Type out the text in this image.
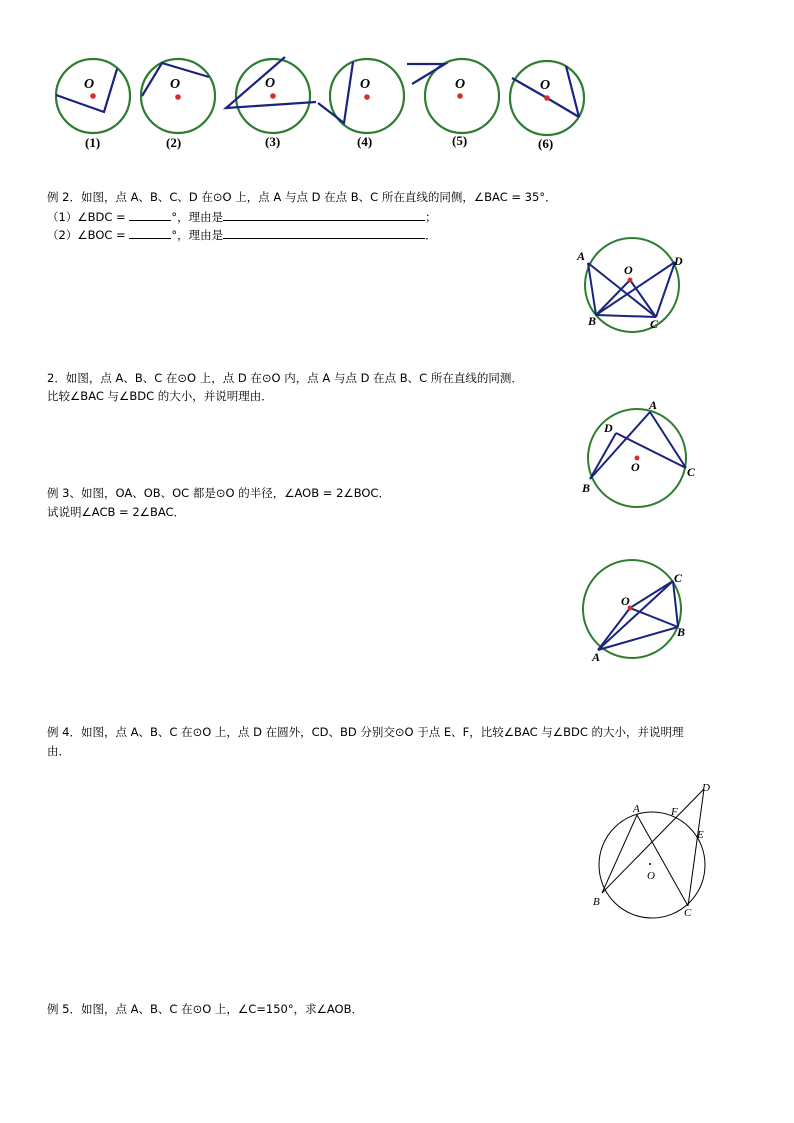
O	O	O	O	O	O
(1)	(2)	(3)	(4)	(5)	(6)
例 2．如图，点 A、B、C、D 在⊙O 上，点 A 与点 D 在点 B、C 所在直线的同侧，∠BAC = 35°．
（1）∠BDC =	°，理由是	；
（2）∠BOC =	°，理由是	．
A
O
D
B	C
2．如图，点 A、B、C 在⊙O 上，点 D 在⊙O 内，点 A 与点 D 在点 B、C 所在直线的同测．
比较∠BAC 与∠BDC 的大小，并说明理由．
A
D
O	C
B
例 3、如图，OA、OB、OC 都是⊙O 的半径，∠AOB = 2∠BOC．
试说明∠ACB = 2∠BAC．
C
O
B
A
例 4．如图，点 A、B、C 在⊙O 上，点 D 在圆外，CD、BD 分别交⊙O 于点 E、F，比较∠BAC 与∠BDC 的大小，并说明理
由．
A	F
D
E
O
B
C
例 5．如图，点 A、B、C 在⊙O 上，∠C=150°，求∠AOB．
